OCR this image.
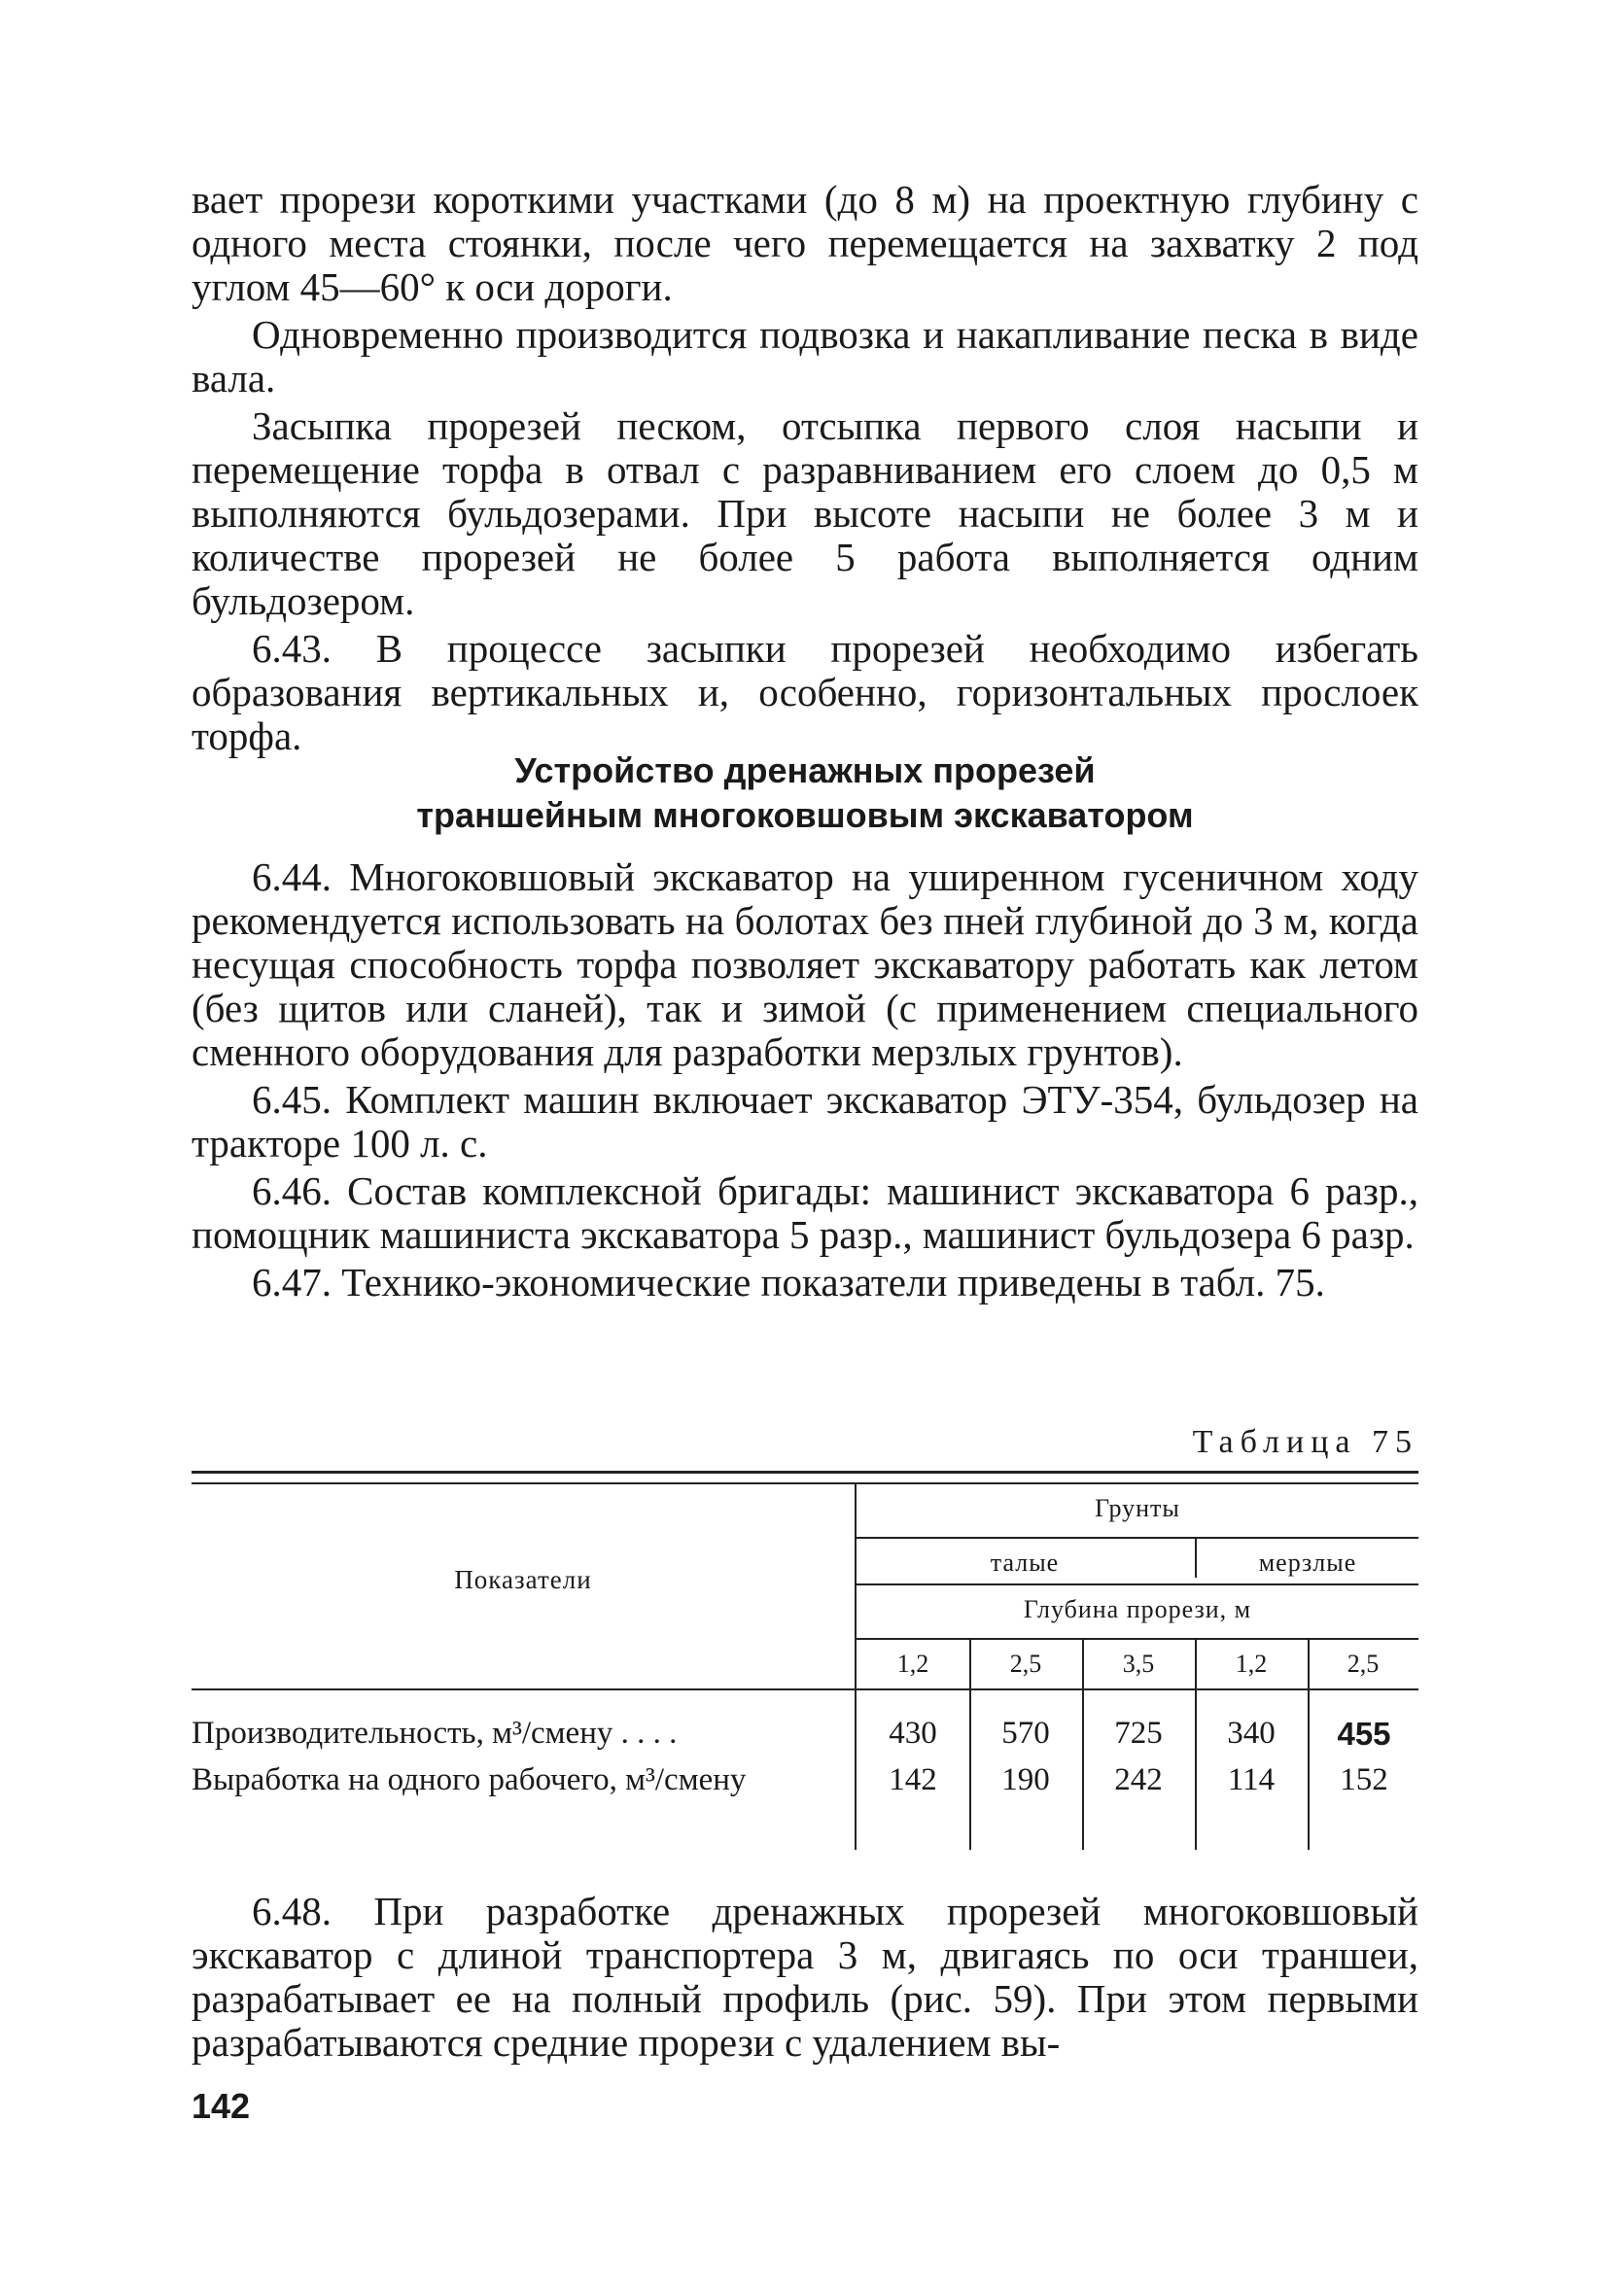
вает прорези короткими участками (до 8 м) на проектную глубину с одного места стоянки, после чего перемещается на захватку 2 под углом 45—60° к оси дороги.

Одновременно производится подвозка и накапливание песка в виде вала.

Засыпка прорезей песком, отсыпка первого слоя насыпи и перемещение торфа в отвал с разравниванием его слоем до 0,5 м выполняются бульдозерами. При высоте насыпи не более 3 м и количестве прорезей не более 5 работа выполняется одним бульдозером.

6.43. В процессе засыпки прорезей необходимо избегать образования вертикальных и, особенно, горизонтальных прослоек торфа.

Устройство дренажных прорезей

траншейным многоковшовым экскаватором

6.44. Многоковшовый экскаватор на уширенном гусеничном ходу рекомендуется использовать на болотах без пней глубиной до 3 м, когда несущая способность торфа позволяет экскаватору работать как летом (без щитов или сланей), так и зимой (с применением специального сменного оборудования для разработки мерзлых грунтов).

6.45. Комплект машин включает экскаватор ЭТУ-354, бульдозер на тракторе 100 л. с.

6.46. Состав комплексной бригады: машинист экскаватора 6 разр., помощник машиниста экскаватора 5 разр., машинист бульдозера 6 разр.

6.47. Технико-экономические показатели приведены в табл. 75.

Таблица 75
Показатели
Грунты
талые	мерзлые
Глубина прорези, м
1,2	2,5	3,5	1,2	2,5
Производительность, м³/смену . . . .	430	570	725	340	455
Выработка на одного рабочего, м³/смену	142	190	242	114	152

6.48. При разработке дренажных прорезей многоковшовый экскаватор с длиной транспортера 3 м, двигаясь по оси траншеи, разрабатывает ее на полный профиль (рис. 59). При этом первыми разрабатываются средние прорези с удалением вы-

142
